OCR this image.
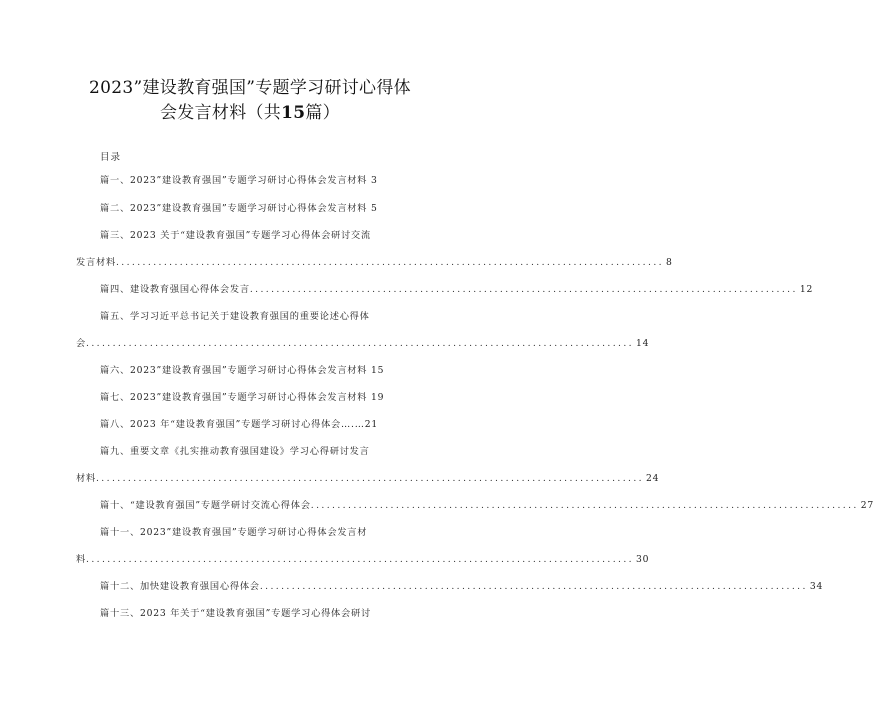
2023”建设教育强国”专题学习研讨心得体
会发言材料（共15篇）
目录
篇一、2023”建设教育强国”专题学习研讨心得体会发言材料 3
篇二、2023”建设教育强国”专题学习研讨心得体会发言材料 5
篇三、2023 关于“建设教育强国”专题学习心得体会研讨交流
发言材料 ....................................................................................................... 8
篇四、建设教育强国心得体会发言 ....................................................................................................... 12
篇五、学习习近平总书记关于建设教育强国的重要论述心得体
会 ....................................................................................................... 14
篇六、2023”建设教育强国”专题学习研讨心得体会发言材料 15
篇七、2023”建设教育强国”专题学习研讨心得体会发言材料 19
篇八、2023 年“建设教育强国”专题学习研讨心得体会….…21
篇九、重要文章《扎实推动教育强国建设》学习心得研讨发言
材料 ....................................................................................................... 24
篇十、“建设教育强国”专题学研讨交流心得体会 ....................................................................................................... 27
篇十一、2023”建设教育强国”专题学习研讨心得体会发言材
料 ....................................................................................................... 30
篇十二、加快建设教育强国心得体会 ....................................................................................................... 34
篇十三、2023 年关于“建设教育强国”专题学习心得体会研讨
